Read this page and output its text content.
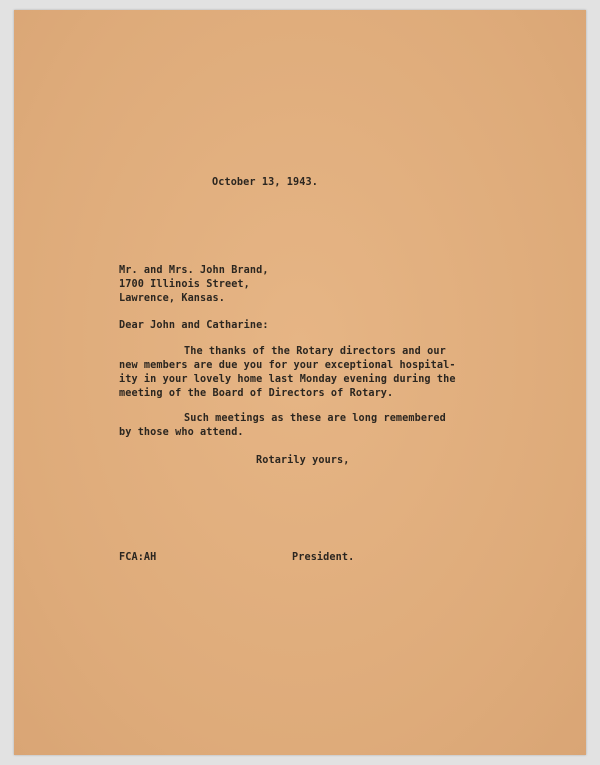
October 13, 1943.
Mr. and Mrs. John Brand,
1700 Illinois Street,
Lawrence, Kansas.
Dear John and Catharine:
The thanks of the Rotary directors and our
new members are due you for your exceptional hospital-
ity in your lovely home last Monday evening during the
meeting of the Board of Directors of Rotary.
Such meetings as these are long remembered
by those who attend.
Rotarily yours,
FCA:AH	President.
